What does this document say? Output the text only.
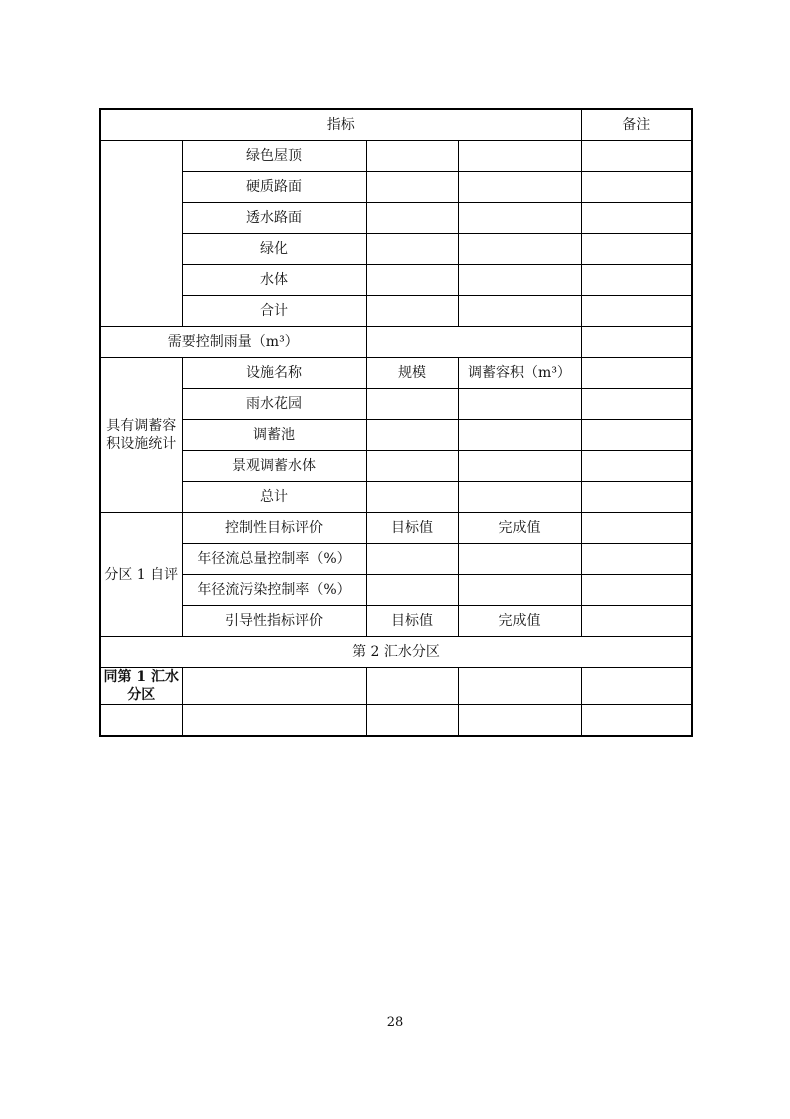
指标				备注
	绿色屋顶			
	硬质路面			
	透水路面			
	绿化			
	水体			
	合计			
需要控制雨量（m³）				
具有调蓄容积设施统计	设施名称	规模	调蓄容积（m³）	
	雨水花园			
	调蓄池			
	景观调蓄水体			
	总计			
分区 1 自评	控制性目标评价	目标值	完成值	
	年径流总量控制率（%）			
	年径流污染控制率（%）			
	引导性指标评价	目标值	完成值	
第 2 汇水分区				
同第 1 汇水分区				

28
